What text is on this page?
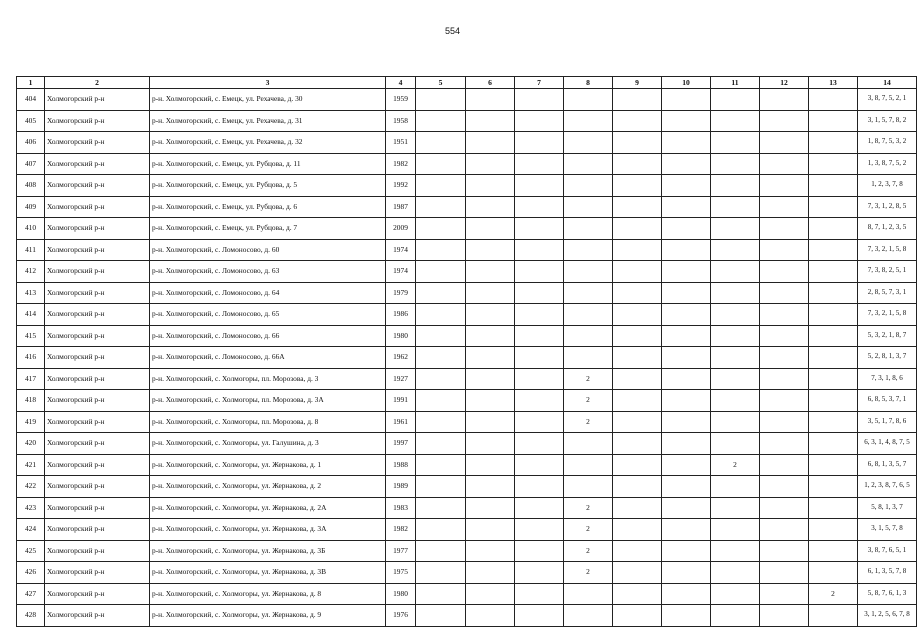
554
1	2	3	4	5	6	7	8	9	10	11	12	13	14
404	Холмогорский р-н	р-н. Холмогорский, с. Емецк, ул. Рехачева, д. 30	1959										3, 8, 7, 5, 2, 1
405	Холмогорский р-н	р-н. Холмогорский, с. Емецк, ул. Рехачева, д. 31	1958										3, 1, 5, 7, 8, 2
406	Холмогорский р-н	р-н. Холмогорский, с. Емецк, ул. Рехачева, д. 32	1951										1, 8, 7, 5, 3, 2
407	Холмогорский р-н	р-н. Холмогорский, с. Емецк, ул. Рубцова, д. 11	1982										1, 3, 8, 7, 5, 2
408	Холмогорский р-н	р-н. Холмогорский, с. Емецк, ул. Рубцова, д. 5	1992										1, 2, 3, 7, 8
409	Холмогорский р-н	р-н. Холмогорский, с. Емецк, ул. Рубцова, д. 6	1987										7, 3, 1, 2, 8, 5
410	Холмогорский р-н	р-н. Холмогорский, с. Емецк, ул. Рубцова, д. 7	2009										8, 7, 1, 2, 3, 5
411	Холмогорский р-н	р-н. Холмогорский, с. Ломоносово, д. 60	1974										7, 3, 2, 1, 5, 8
412	Холмогорский р-н	р-н. Холмогорский, с. Ломоносово, д. 63	1974										7, 3, 8, 2, 5, 1
413	Холмогорский р-н	р-н. Холмогорский, с. Ломоносово, д. 64	1979										2, 8, 5, 7, 3, 1
414	Холмогорский р-н	р-н. Холмогорский, с. Ломоносово, д. 65	1986										7, 3, 2, 1, 5, 8
415	Холмогорский р-н	р-н. Холмогорский, с. Ломоносово, д. 66	1980										5, 3, 2, 1, 8, 7
416	Холмогорский р-н	р-н. Холмогорский, с. Ломоносово, д. 66А	1962										5, 2, 8, 1, 3, 7
417	Холмогорский р-н	р-н. Холмогорский, с. Холмогоры, пл. Морозова, д. 3	1927				2						7, 3, 1, 8, 6
418	Холмогорский р-н	р-н. Холмогорский, с. Холмогоры, пл. Морозова, д. 3А	1991				2						6, 8, 5, 3, 7, 1
419	Холмогорский р-н	р-н. Холмогорский, с. Холмогоры, пл. Морозова, д. 8	1961				2						3, 5, 1, 7, 8, 6
420	Холмогорский р-н	р-н. Холмогорский, с. Холмогоры, ул. Галушина, д. 3	1997										6, 3, 1, 4, 8, 7, 5
421	Холмогорский р-н	р-н. Холмогорский, с. Холмогоры, ул. Жернакова, д. 1	1988							2			6, 8, 1, 3, 5, 7
422	Холмогорский р-н	р-н. Холмогорский, с. Холмогоры, ул. Жернакова, д. 2	1989										1, 2, 3, 8, 7, 6, 5
423	Холмогорский р-н	р-н. Холмогорский, с. Холмогоры, ул. Жернакова, д. 2А	1983				2						5, 8, 1, 3, 7
424	Холмогорский р-н	р-н. Холмогорский, с. Холмогоры, ул. Жернакова, д. 3А	1982				2						3, 1, 5, 7, 8
425	Холмогорский р-н	р-н. Холмогорский, с. Холмогоры, ул. Жернакова, д. 3Б	1977				2						3, 8, 7, 6, 5, 1
426	Холмогорский р-н	р-н. Холмогорский, с. Холмогоры, ул. Жернакова, д. 3В	1975				2						6, 1, 3, 5, 7, 8
427	Холмогорский р-н	р-н. Холмогорский, с. Холмогоры, ул. Жернакова, д. 8	1980									2	5, 8, 7, 6, 1, 3
428	Холмогорский р-н	р-н. Холмогорский, с. Холмогоры, ул. Жернакова, д. 9	1976										3, 1, 2, 5, 6, 7, 8
